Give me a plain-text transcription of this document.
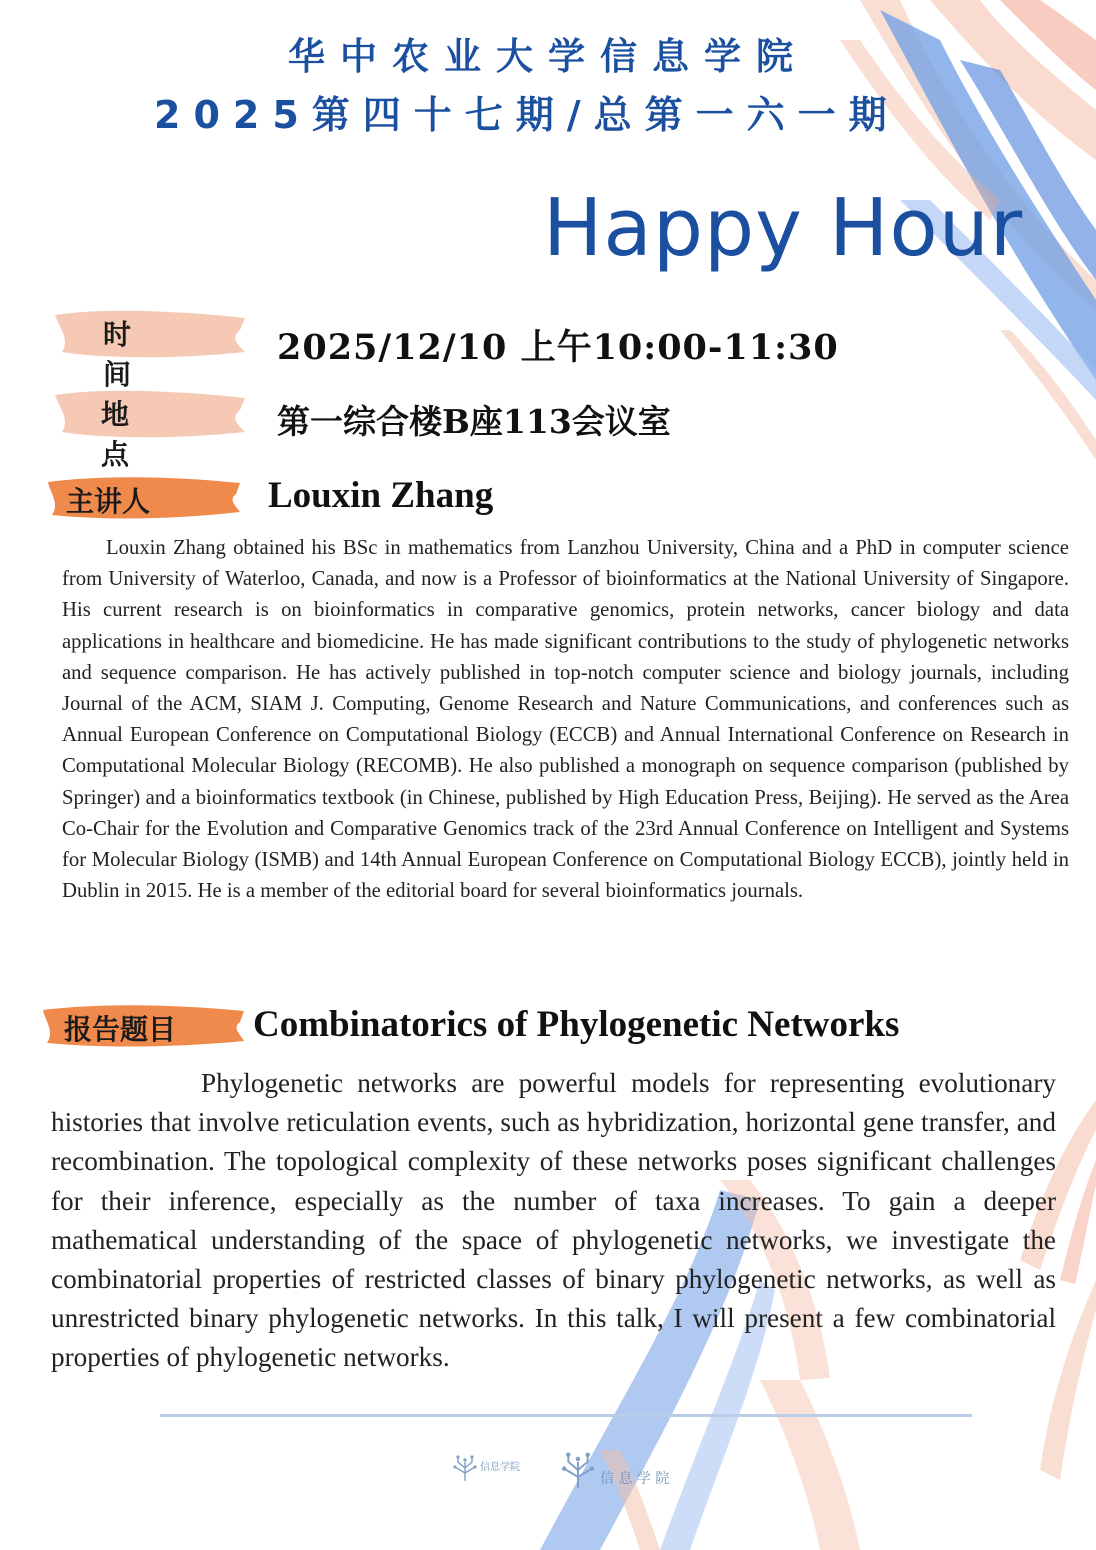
华中农业大学信息学院
2025第四十七期/总第一六一期
Happy Hour
时间
2025/12/10 上午10:00-11:30
地点
第一综合楼B座113会议室
主讲人	Louxin Zhang
Louxin Zhang obtained his BSc in mathematics from Lanzhou University, China and a PhD in computer science from University of Waterloo, Canada, and now is a Professor of bioinformatics at the National University of Singapore. His current research is on bioinformatics in comparative genomics, protein networks, cancer biology and data applications in healthcare and biomedicine. He has made significant contributions to the study of phylogenetic networks and sequence comparison. He has actively published in top-notch computer science and biology journals, including Journal of the ACM, SIAM J. Computing, Genome Research and Nature Communications, and conferences such as Annual European Conference on Computational Biology (ECCB) and Annual International Conference on Research in Computational Molecular Biology (RECOMB). He also published a monograph on sequence comparison (published by Springer) and a bioinformatics textbook (in Chinese, published by High Education Press, Beijing). He served as the Area Co‐Chair for the Evolution and Comparative Genomics track of the 23rd Annual Conference on Intelligent and Systems for Molecular Biology (ISMB) and 14th Annual European Conference on Computational Biology ECCB), jointly held in Dublin in 2015. He is a member of the editorial board for several bioinformatics journals.
报告题目 Combinatorics of Phylogenetic Networks
Phylogenetic networks are powerful models for representing evolutionary histories that involve reticulation events, such as hybridization, horizontal gene transfer, and recombination. The topological complexity of these networks poses significant challenges for their inference, especially as the number of taxa increases. To gain a deeper mathematical understanding of the space of phylogenetic networks, we investigate the combinatorial properties of restricted classes of binary phylogenetic networks, as well as unrestricted binary phylogenetic networks. In this talk, I will present a few combinatorial properties of phylogenetic networks.
信息学院
信 息 学 院
